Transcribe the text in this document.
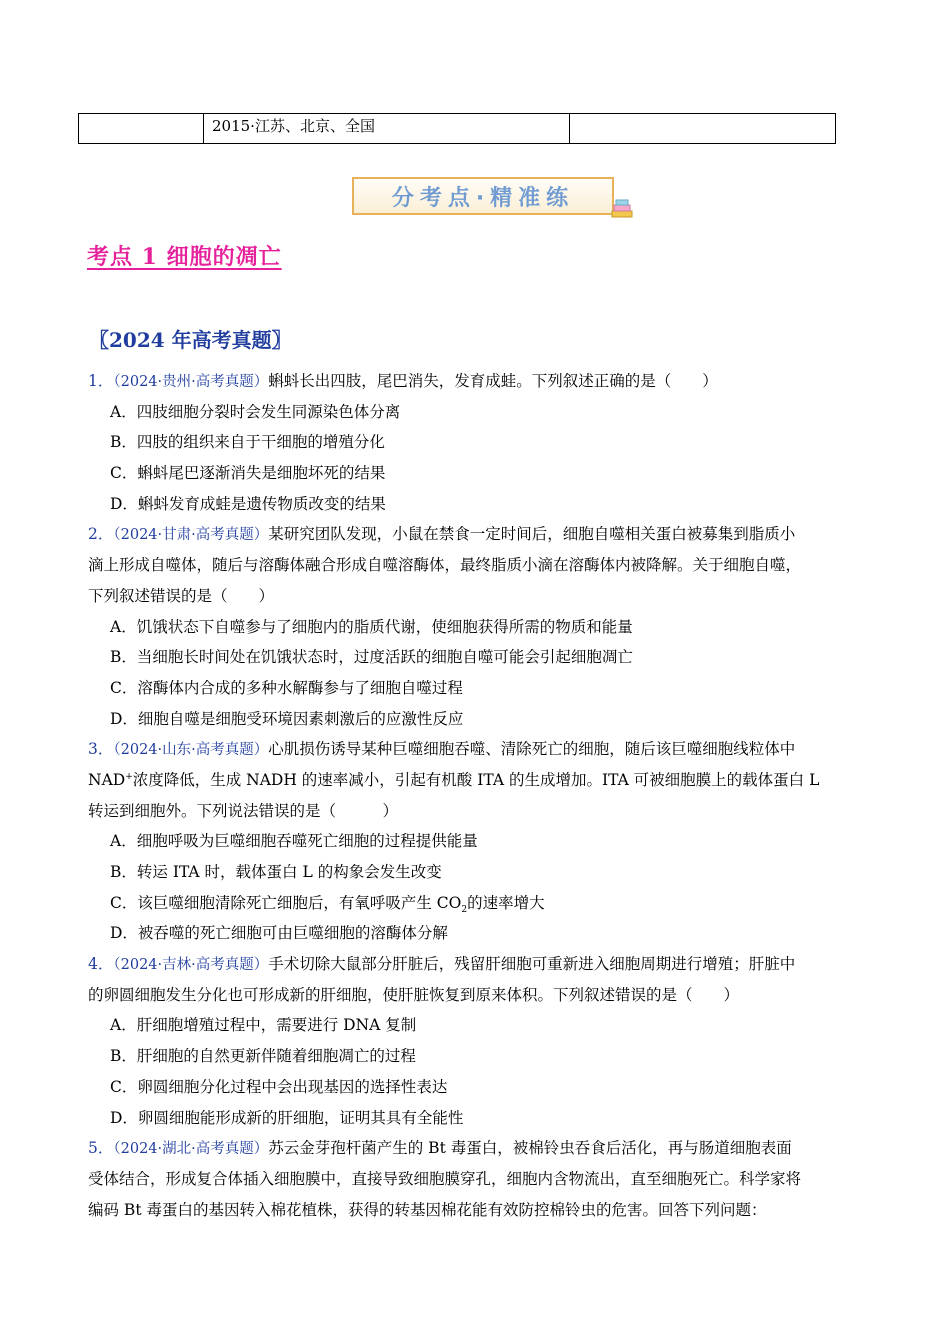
	2015·江苏、北京、全国	
分考点·精准练
考点 1 细胞的凋亡
〖2024 年高考真题〗
1．（2024·贵州·高考真题）蝌蚪长出四肢，尾巴消失，发育成蛙。下列叙述正确的是（　　）
A．四肢细胞分裂时会发生同源染色体分离
B．四肢的组织来自于干细胞的增殖分化
C．蝌蚪尾巴逐渐消失是细胞坏死的结果
D．蝌蚪发育成蛙是遗传物质改变的结果
2．（2024·甘肃·高考真题）某研究团队发现，小鼠在禁食一定时间后，细胞自噬相关蛋白被募集到脂质小
滴上形成自噬体，随后与溶酶体融合形成自噬溶酶体，最终脂质小滴在溶酶体内被降解。关于细胞自噬，
下列叙述错误的是（　　）
A．饥饿状态下自噬参与了细胞内的脂质代谢，使细胞获得所需的物质和能量
B．当细胞长时间处在饥饿状态时，过度活跃的细胞自噬可能会引起细胞凋亡
C．溶酶体内合成的多种水解酶参与了细胞自噬过程
D．细胞自噬是细胞受环境因素刺激后的应激性反应
3．（2024·山东·高考真题）心肌损伤诱导某种巨噬细胞吞噬、清除死亡的细胞，随后该巨噬细胞线粒体中
NAD+浓度降低，生成 NADH 的速率减小，引起有机酸 ITA 的生成增加。ITA 可被细胞膜上的载体蛋白 L
转运到细胞外。下列说法错误的是（　　　）
A．细胞呼吸为巨噬细胞吞噬死亡细胞的过程提供能量
B．转运 ITA 时，载体蛋白 L 的构象会发生改变
C．该巨噬细胞清除死亡细胞后，有氧呼吸产生 $CO_2$的速率增大
D．被吞噬的死亡细胞可由巨噬细胞的溶酶体分解
4．（2024·吉林·高考真题）手术切除大鼠部分肝脏后，残留肝细胞可重新进入细胞周期进行增殖；肝脏中
的卵圆细胞发生分化也可形成新的肝细胞，使肝脏恢复到原来体积。下列叙述错误的是（　　）
A．肝细胞增殖过程中，需要进行 DNA 复制
B．肝细胞的自然更新伴随着细胞凋亡的过程
C．卵圆细胞分化过程中会出现基因的选择性表达
D．卵圆细胞能形成新的肝细胞，证明其具有全能性
5．（2024·湖北·高考真题）苏云金芽孢杆菌产生的 Bt 毒蛋白，被棉铃虫吞食后活化，再与肠道细胞表面
受体结合，形成复合体插入细胞膜中，直接导致细胞膜穿孔，细胞内含物流出，直至细胞死亡。科学家将
编码 Bt 毒蛋白的基因转入棉花植株，获得的转基因棉花能有效防控棉铃虫的危害。回答下列问题：
